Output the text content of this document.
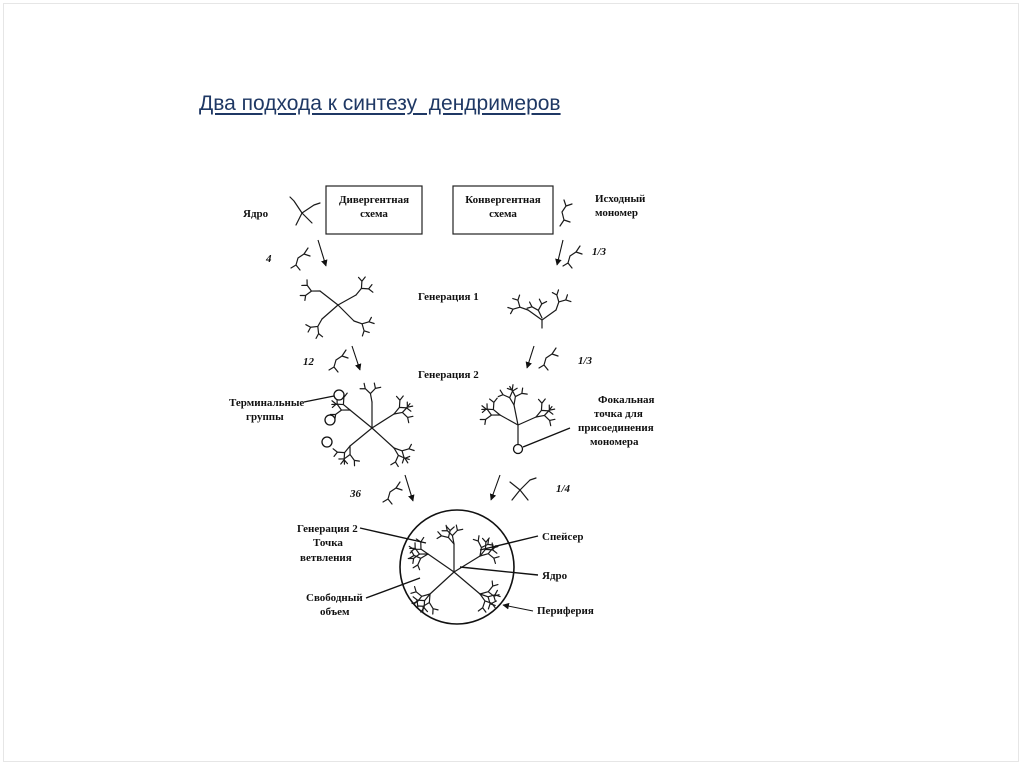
Два подхода к синтезу  дендримеров
Дивергентная
схема
Конвергентная
схема
Ядро
Исходный
мономер
4
1/3
Генерация 1
12	1/3
Генерация 2
Терминальные
группы
Фокальная
точка для
присоединения
мономера
36	1/4
Генерация 2
Точка
ветвления
Свободный
объем
Спейсер
Ядро
Периферия
